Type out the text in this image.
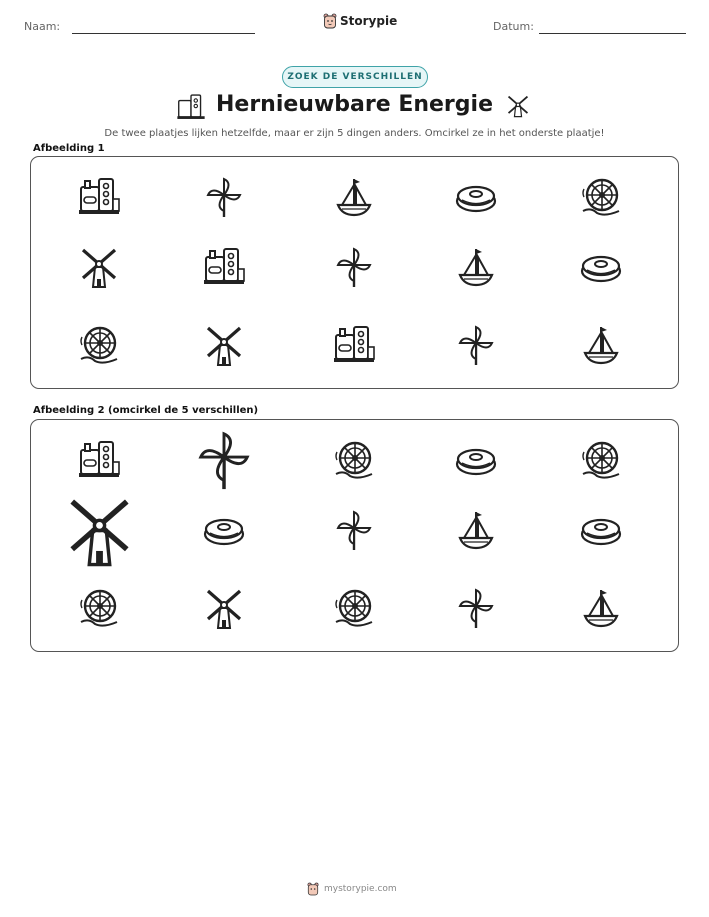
Naam:	Storypie	Datum:
ZOEK DE VERSCHILLEN
Hernieuwbare Energie
De twee plaatjes lijken hetzelfde, maar er zijn 5 dingen anders. Omcirkel ze in het onderste plaatje!
Afbeelding 1
Afbeelding 2 (omcirkel de 5 verschillen)
mystorypie.com
